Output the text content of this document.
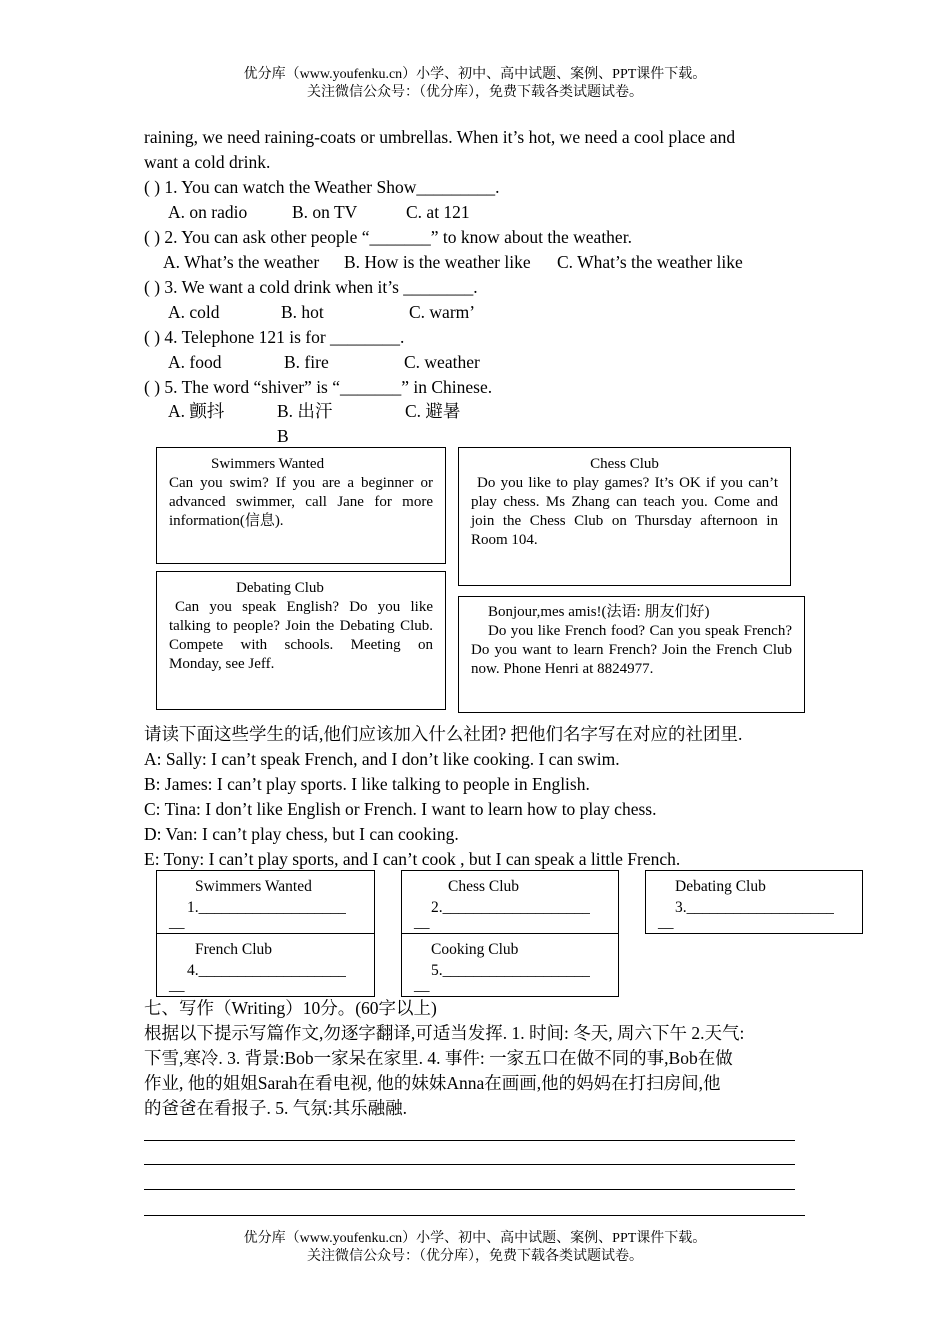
优分库（www.youfenku.cn）小学、初中、高中试题、案例、PPT课件下载。
关注微信公众号：（优分库），免费下载各类试题试卷。
raining, we need raining-coats or umbrellas. When it’s hot, we need a cool place and
want a cold drink.
( ) 1. You can watch the Weather Show_________.
A. on radio	B. on TV	C. at 121
( ) 2. You can ask other people “_______” to know about the weather.
A. What’s the weather B. How is the weather like C. What’s the weather like
( ) 3. We want a cold drink when it’s ________.
A. cold	B. hot	C. warm’
( ) 4. Telephone 121 is for ________.
A. food	B. fire	C. weather
( ) 5. The word “shiver” is “_______” in Chinese.
A. 颤抖	B. 出汗	C. 避暑
B
Swimmers Wanted
Can you swim? If you are a beginner or advanced swimmer, call Jane for more information(信息).
Chess Club
Do you like to play games? It’s OK if you can’t play chess. Ms Zhang can teach you. Come and join the Chess Club on Thursday afternoon in Room 104.
Debating Club
Can you speak English? Do you like talking to people? Join the Debating Club. Compete with schools. Meeting on Monday, see Jeff.
Bonjour,mes amis!(法语: 朋友们好)
Do you like French food? Can you speak French? Do you want to learn French? Join the French Club now. Phone Henri at 8824977.
请读下面这些学生的话,他们应该加入什么社团? 把他们名字写在对应的社团里.
A: Sally: I can’t speak French, and I don’t like cooking. I can swim.
B: James: I can’t play sports. I like talking to people in English.
C: Tina: I don’t like English or French. I want to learn how to play chess.
D: Van: I can’t play chess, but I can cooking.
E: Tony: I can’t play sports, and I can’t cook , but I can speak a little French.
Swimmers Wanted
1.___________________
__
Chess Club
2.___________________
__
Debating Club
3.___________________
__
French Club
4.___________________
__
Cooking Club
5.___________________
__
七、写作（Writing）10分。(60字以上)
根据以下提示写篇作文,勿逐字翻译,可适当发挥. 1. 时间: 冬天, 周六下午 2.天气:
下雪,寒冷. 3. 背景:Bob一家呆在家里. 4. 事件: 一家五口在做不同的事,Bob在做
作业, 他的姐姐Sarah在看电视, 他的妹妹Anna在画画,他的妈妈在打扫房间,他
的爸爸在看报子. 5. 气氛:其乐融融.
优分库（www.youfenku.cn）小学、初中、高中试题、案例、PPT课件下载。
关注微信公众号：（优分库），免费下载各类试题试卷。
